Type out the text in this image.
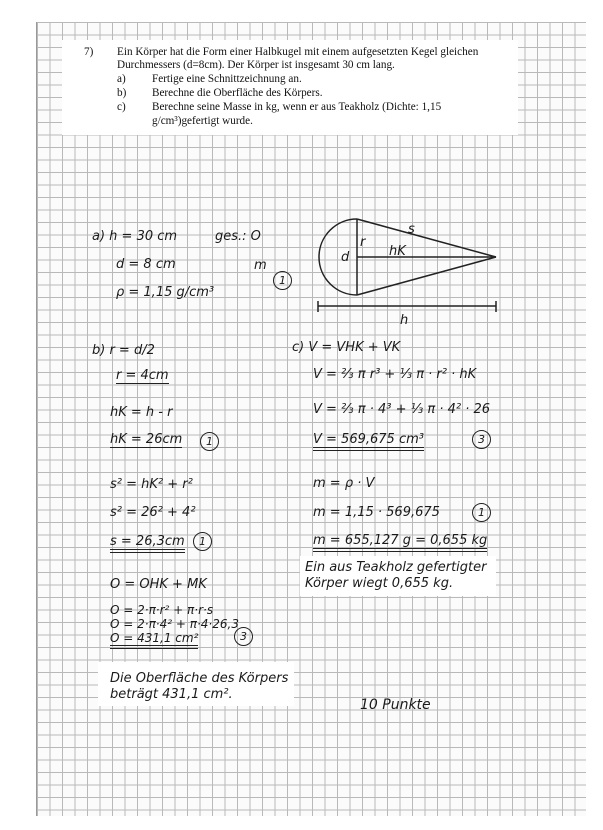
7) Ein Körper hat die Form einer Halbkugel mit einem aufgesetzten Kegel gleichen
Durchmessers (d=8cm). Der Körper ist insgesamt 30 cm lang.
a) Fertige eine Schnittzeichnung an.
b) Berechne die Oberfläche des Körpers.
c) Berechne seine Masse in kg, wenn er aus Teakholz (Dichte: 1,15
g/cm³)gefertigt wurde.
a) h = 30 cm
d = 8 cm
ρ = 1,15 g/cm³
ges.: O
m
1
d
r
s
hK
h
b) r = d/2
r = 4cm
hK = h - r
hK = 26cm	1
s² = hK² + r²
s² = 26² + 4²
s = 26,3cm	1
O = OHK + MK
O = 2·π·r² + π·r·s
O = 2·π·4² + π·4·26,3
O = 431,1 cm²	3
Die Oberfläche des Körpers
beträgt 431,1 cm².
c) V = VHK + VK
V = ⅔ π r³ + ⅓ π · r² · hK
V = ⅔ π · 4³ + ⅓ π · 4² · 26
V = 569,675 cm³	3
m = ρ · V
m = 1,15 · 569,675	1
m = 655,127 g = 0,655 kg
Ein aus Teakholz gefertigter
Körper wiegt 0,655 kg.
10 Punkte
